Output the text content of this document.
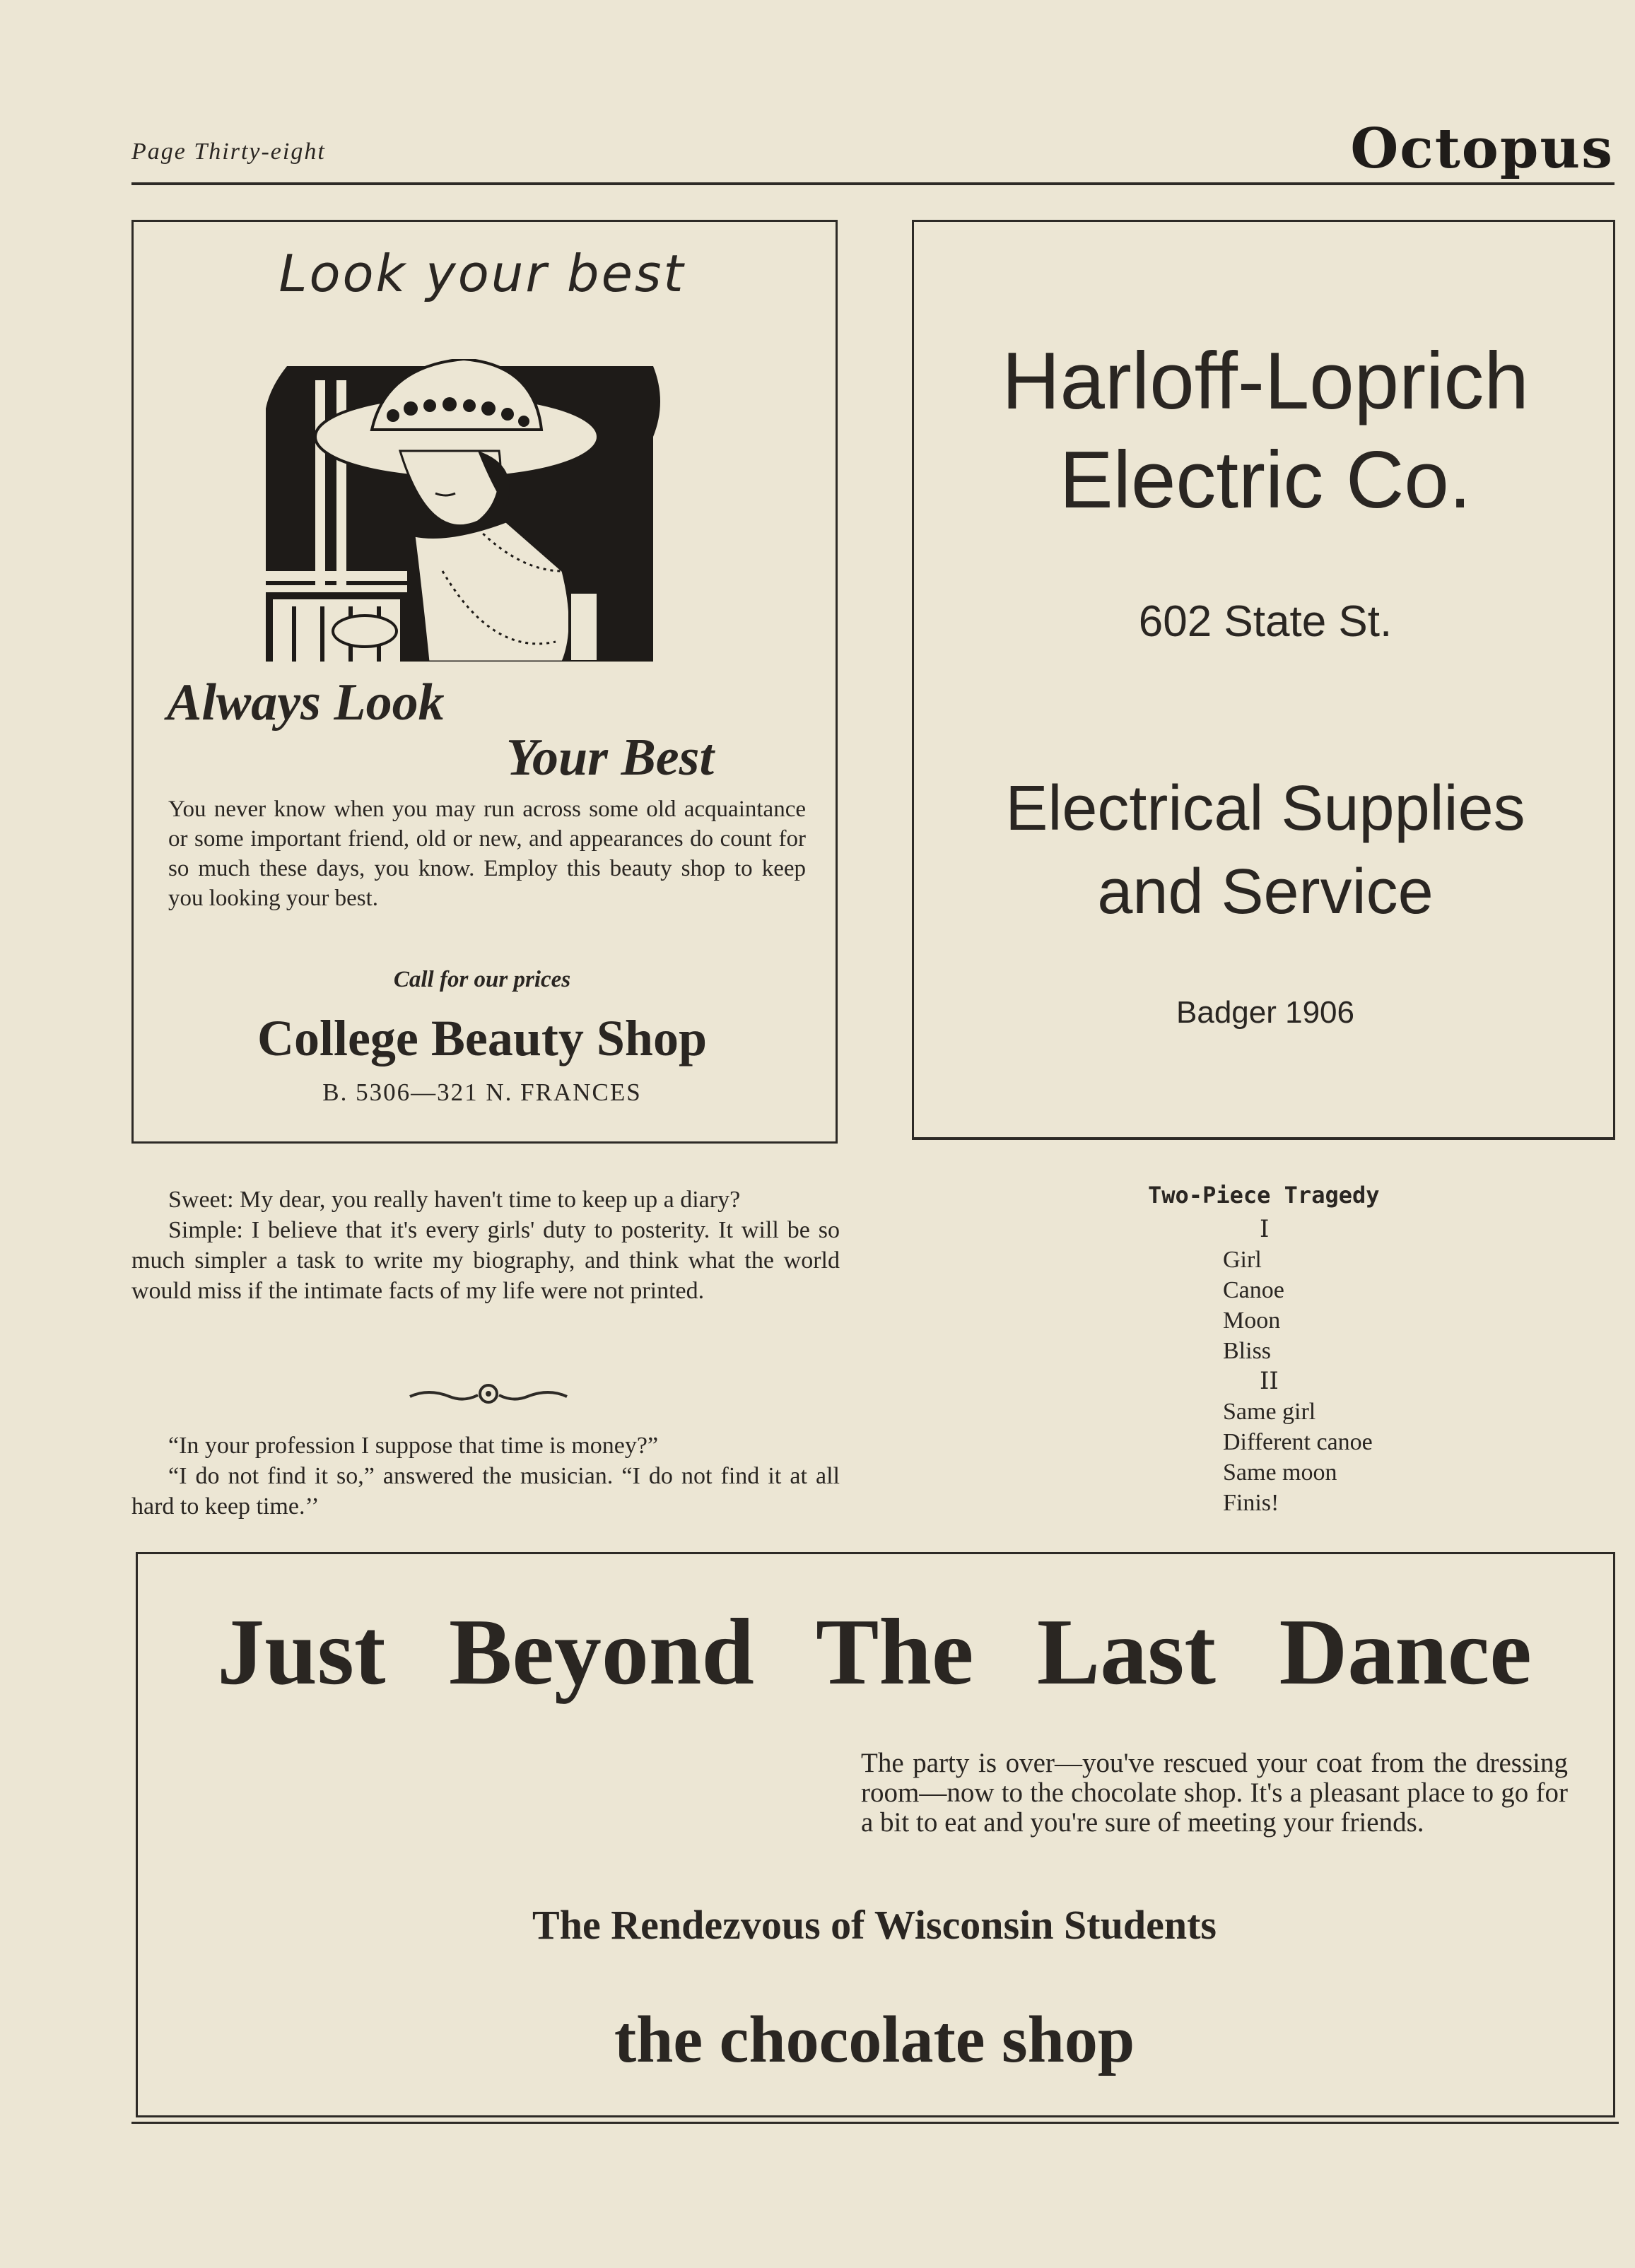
Page Thirty-eight	Octopus
Look your best
Always Look
Your Best
You never know when you may run across some old acquaintance or some important friend, old or new, and appearances do count for so much these days, you know. Employ this beauty shop to keep you looking your best.
Call for our prices
College Beauty Shop
B. 5306—321 N. FRANCES
Harloff-Loprich
Electric Co.
602 State St.
Electrical Supplies
and Service
Badger 1906

Sweet: My dear, you really haven't time to keep up a diary?

Simple: I believe that it's every girls' duty to posterity. It will be so much simpler a task to write my biography, and think what the world would miss if the intimate facts of my life were not printed.

“In your profession I suppose that time is money?”

“I do not find it so,” answered the musician. “I do not find it at all hard to keep time.’’

Two-Piece Tragedy
I
Girl
Canoe
Moon
Bliss
II
Same girl
Different canoe
Same moon
Finis!
Just Beyond The Last Dance
The party is over—you've rescued your coat from the dressing room—now to the chocolate shop. It's a pleasant place to go for a bit to eat and you're sure of meeting your friends.
The Rendezvous of Wisconsin Students
the chocolate shop
